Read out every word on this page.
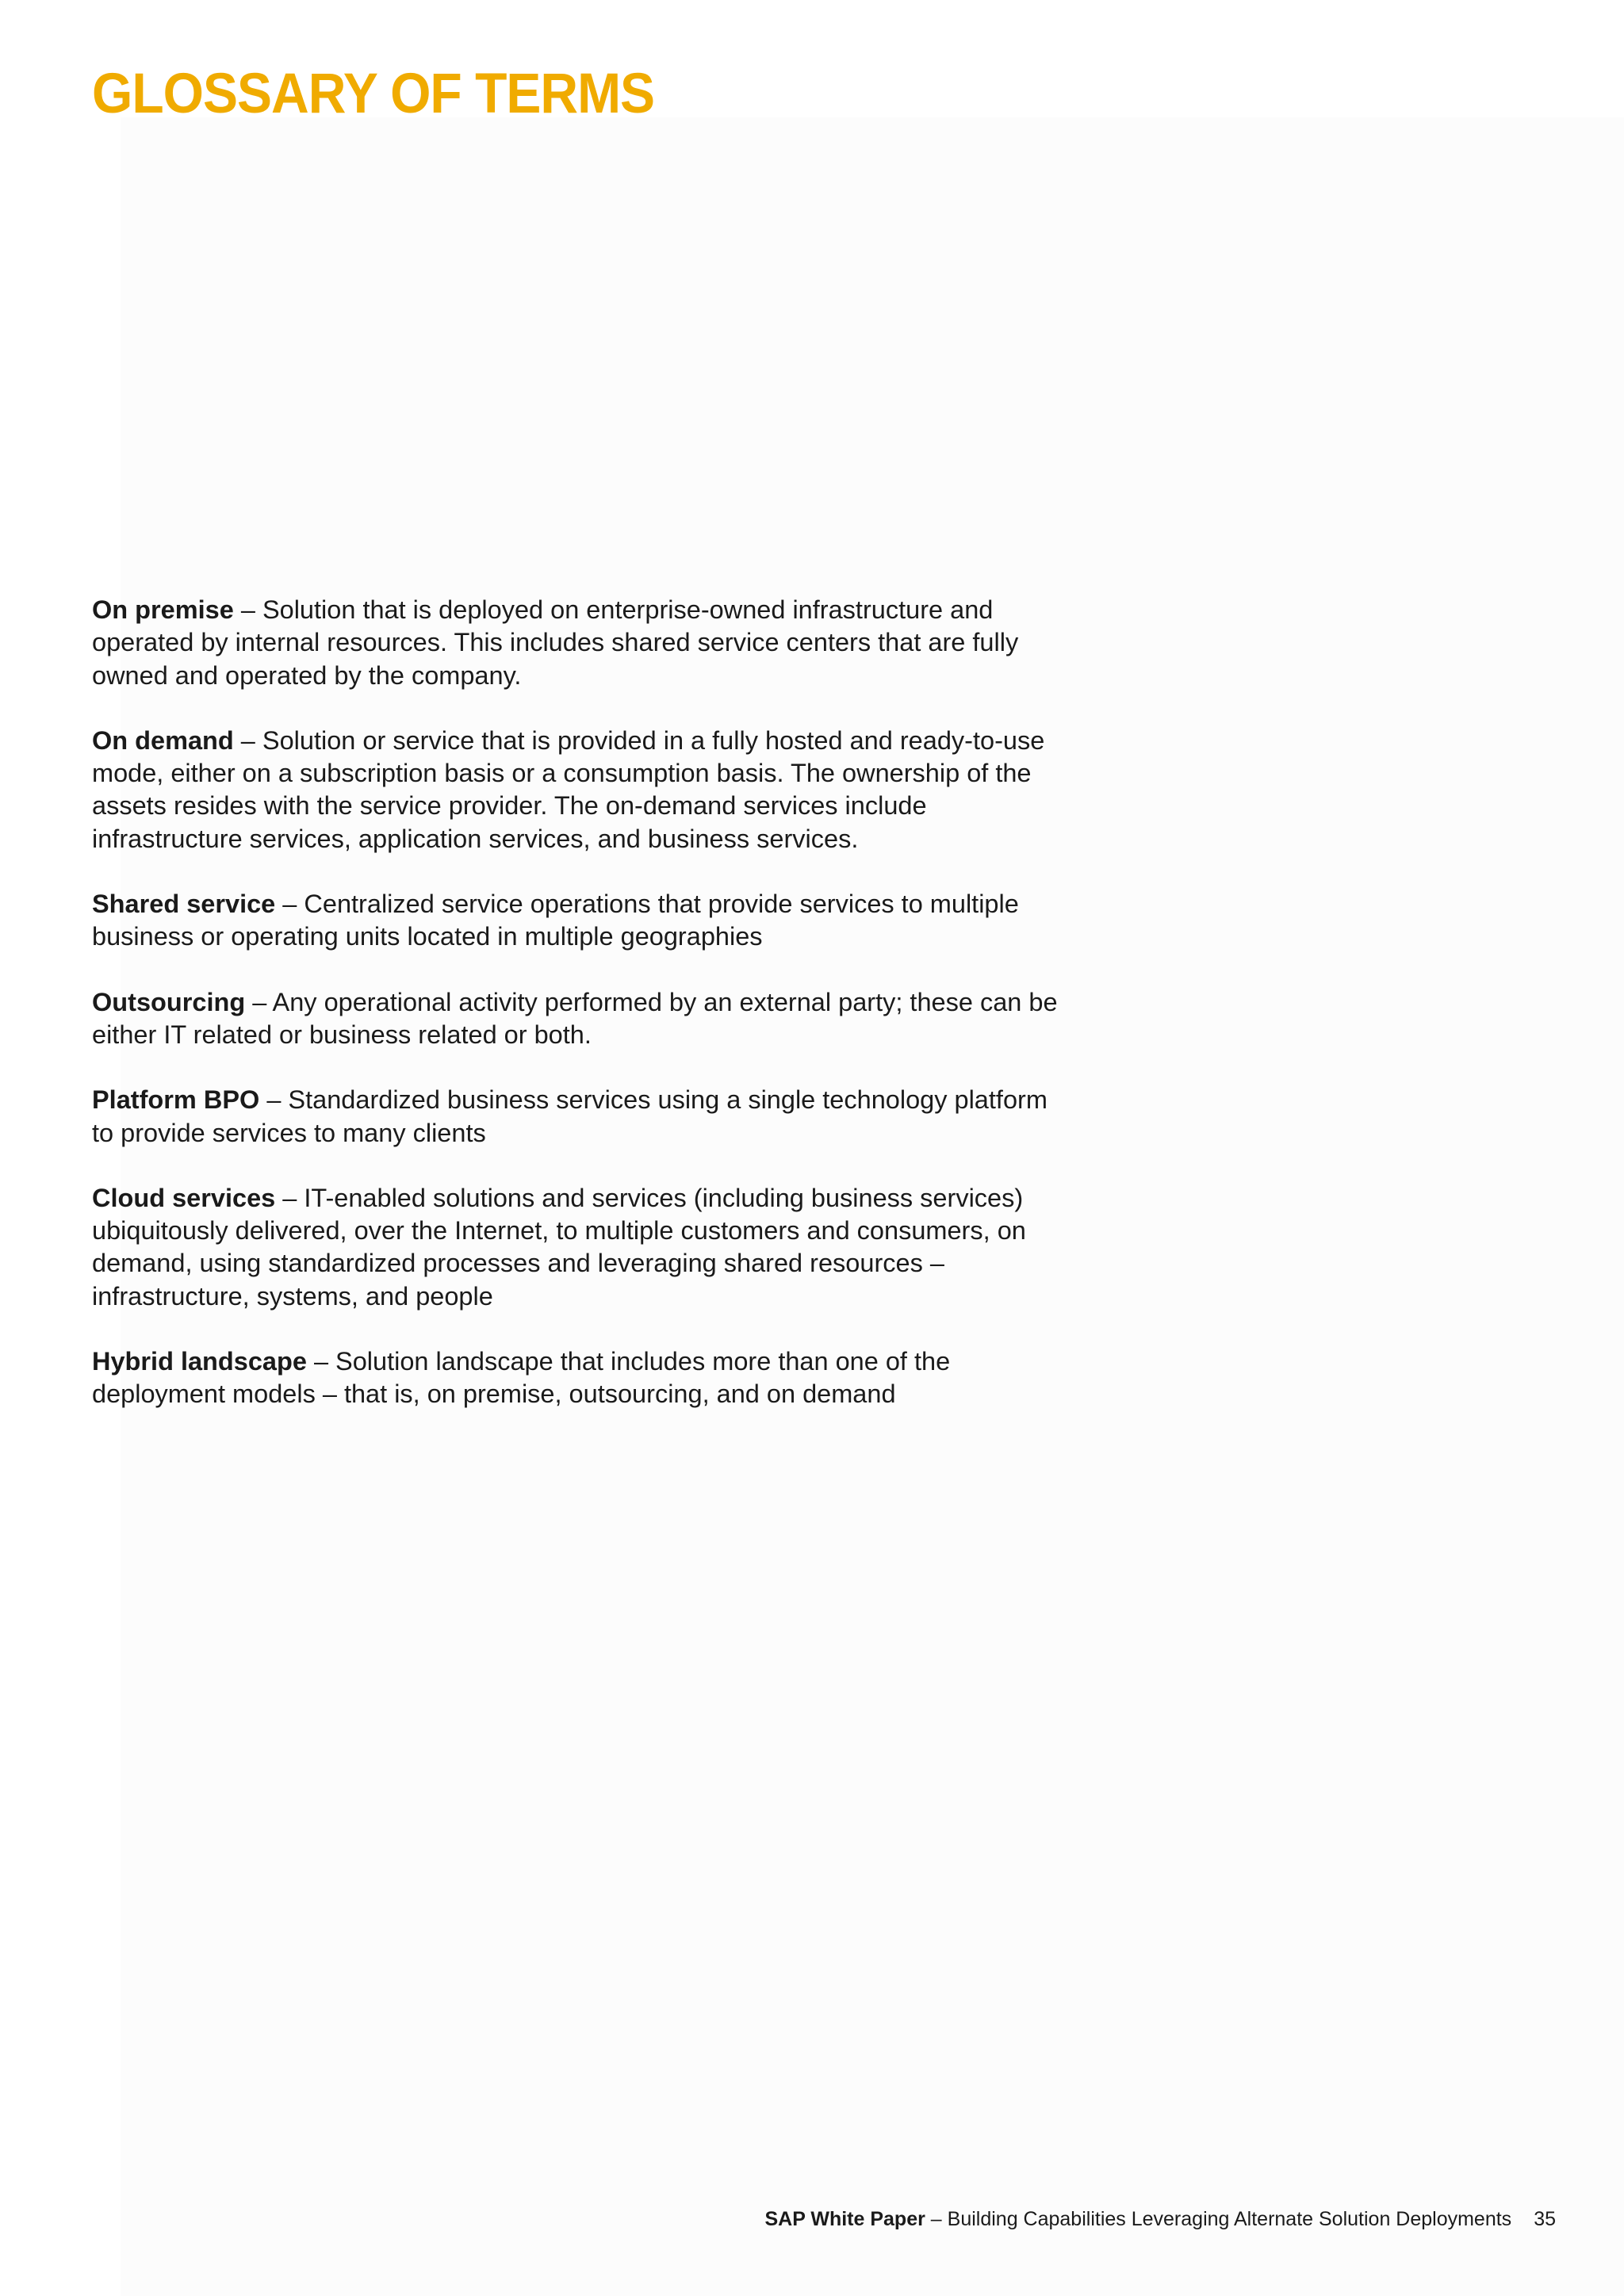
GLOSSARY OF TERMS

On premise – Solution that is deployed on enterprise-owned infrastructure and operated by internal resources. This includes shared service centers that are fully owned and operated by the company.

On demand – Solution or service that is provided in a fully hosted and ready-to-use mode, either on a subscription basis or a consumption basis. The ownership of the assets resides with the service provider. The on-demand services include infrastructure services, application services, and business services.

Shared service – Centralized service operations that provide services to multiple business or operating units located in multiple geographies

Outsourcing – Any operational activity performed by an external party; these can be either IT related or business related or both.

Platform BPO – Standardized business services using a single technology platform to provide services to many clients

Cloud services – IT-enabled solutions and services (including business services) ubiquitously delivered, over the Internet, to multiple customers and consumers, on demand, using standardized processes and leveraging shared resources – infrastructure, systems, and people

Hybrid landscape – Solution landscape that includes more than one of the deployment models – that is, on premise, outsourcing, and on demand

SAP White Paper – Building Capabilities Leveraging Alternate Solution Deployments 35
